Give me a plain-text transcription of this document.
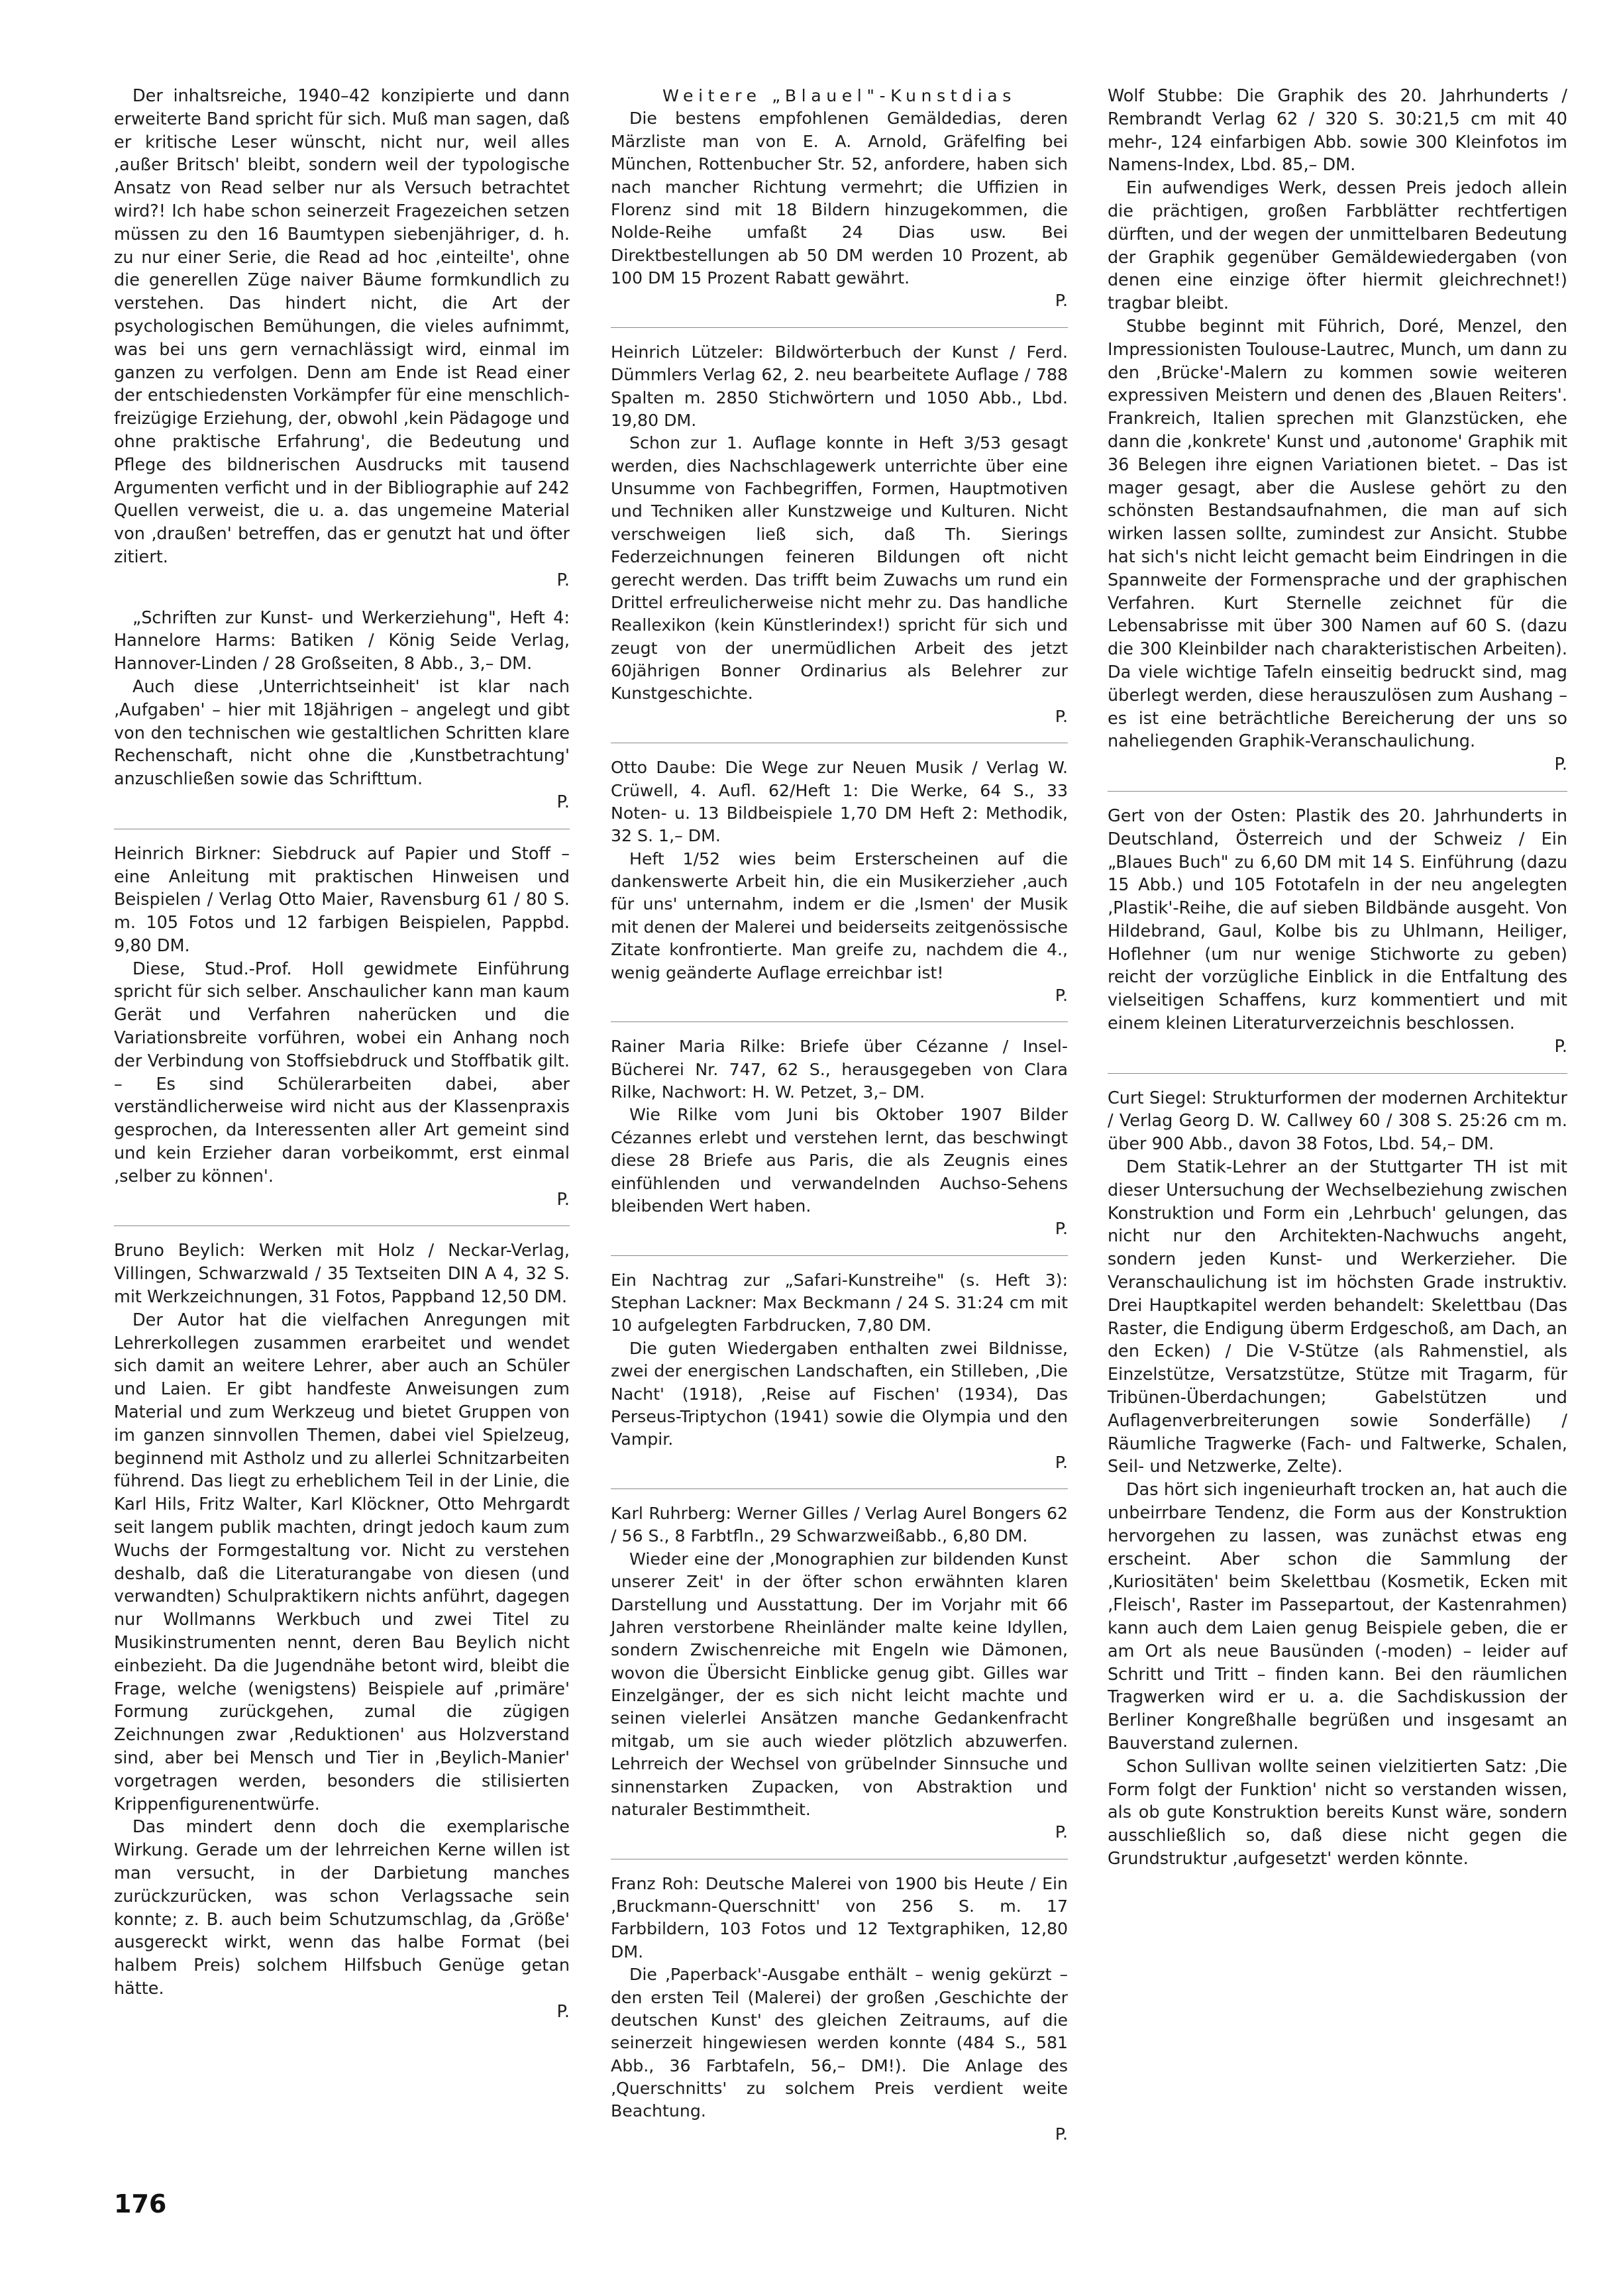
Der inhaltsreiche, 1940–42 konzipierte und dann erweiterte Band spricht für sich. Muß man sagen, daß er kritische Leser wünscht, nicht nur, weil alles ‚außer Britsch' bleibt, sondern weil der typologische Ansatz von Read selber nur als Versuch betrachtet wird?! Ich habe schon seinerzeit Fragezeichen setzen müssen zu den 16 Baumtypen siebenjähriger, d. h. zu nur einer Serie, die Read ad hoc ‚einteilte', ohne die generellen Züge naiver Bäume formkundlich zu verstehen. Das hindert nicht, die Art der psychologischen Bemühungen, die vieles aufnimmt, was bei uns gern vernachlässigt wird, einmal im ganzen zu verfolgen. Denn am Ende ist Read einer der entschiedensten Vorkämpfer für eine menschlich-freizügige Erziehung, der, obwohl ‚kein Pädagoge und ohne praktische Erfahrung', die Bedeutung und Pflege des bildnerischen Ausdrucks mit tausend Argumenten verficht und in der Bibliographie auf 242 Quellen verweist, die u. a. das ungemeine Material von ‚draußen' betreffen, das er genutzt hat und öfter zitiert.

P.

„Schriften zur Kunst- und Werkerziehung", Heft 4: Hannelore Harms: Batiken / König Seide Verlag, Hannover-Linden / 28 Großseiten, 8 Abb., 3,– DM.

Auch diese ‚Unterrichtseinheit' ist klar nach ‚Aufgaben' – hier mit 18jährigen – angelegt und gibt von den technischen wie gestaltlichen Schritten klare Rechenschaft, nicht ohne die ‚Kunstbetrachtung' anzuschließen sowie das Schrifttum.

P.

Heinrich Birkner: Siebdruck auf Papier und Stoff – eine Anleitung mit praktischen Hinweisen und Beispielen / Verlag Otto Maier, Ravensburg 61 / 80 S. m. 105 Fotos und 12 farbigen Beispielen, Pappbd. 9,80 DM.

Diese, Stud.-Prof. Holl gewidmete Einführung spricht für sich selber. Anschaulicher kann man kaum Gerät und Verfahren naherücken und die Variationsbreite vorführen, wobei ein Anhang noch der Verbindung von Stoffsiebdruck und Stoffbatik gilt. – Es sind Schülerarbeiten dabei, aber verständlicherweise wird nicht aus der Klassenpraxis gesprochen, da Interessenten aller Art gemeint sind und kein Erzieher daran vorbeikommt, erst einmal ‚selber zu können'.

P.

Bruno Beylich: Werken mit Holz / Neckar-Verlag, Villingen, Schwarzwald / 35 Textseiten DIN A 4, 32 S. mit Werkzeichnungen, 31 Fotos, Pappband 12,50 DM.

Der Autor hat die vielfachen Anregungen mit Lehrerkollegen zusammen erarbeitet und wendet sich damit an weitere Lehrer, aber auch an Schüler und Laien. Er gibt handfeste Anweisungen zum Material und zum Werkzeug und bietet Gruppen von im ganzen sinnvollen Themen, dabei viel Spielzeug, beginnend mit Astholz und zu allerlei Schnitzarbeiten führend. Das liegt zu erheblichem Teil in der Linie, die Karl Hils, Fritz Walter, Karl Klöckner, Otto Mehrgardt seit langem publik machten, dringt jedoch kaum zum Wuchs der Formgestaltung vor. Nicht zu verstehen deshalb, daß die Literaturangabe von diesen (und verwandten) Schulpraktikern nichts anführt, dagegen nur Wollmanns Werkbuch und zwei Titel zu Musikinstrumenten nennt, deren Bau Beylich nicht einbezieht. Da die Jugendnähe betont wird, bleibt die Frage, welche (wenigstens) Beispiele auf ‚primäre' Formung zurückgehen, zumal die zügigen Zeichnungen zwar ‚Reduktionen' aus Holzverstand sind, aber bei Mensch und Tier in ‚Beylich-Manier' vorgetragen werden, besonders die stilisierten Krippenfigurenentwürfe.

Das mindert denn doch die exemplarische Wirkung. Gerade um der lehrreichen Kerne willen ist man versucht, in der Darbietung manches zurückzurücken, was schon Verlagssache sein konnte; z. B. auch beim Schutzumschlag, da ‚Größe' ausgereckt wirkt, wenn das halbe Format (bei halbem Preis) solchem Hilfsbuch Genüge getan hätte.

P.
Weitere „Blauel"-Kunstdias

Die bestens empfohlenen Gemäldedias, deren Märzliste man von E. A. Arnold, Gräfelfing bei München, Rottenbucher Str. 52, anfordere, haben sich nach mancher Richtung vermehrt; die Uffizien in Florenz sind mit 18 Bildern hinzugekommen, die Nolde-Reihe umfaßt 24 Dias usw. Bei Direktbestellungen ab 50 DM werden 10 Prozent, ab 100 DM 15 Prozent Rabatt gewährt.

P.

Heinrich Lützeler: Bildwörterbuch der Kunst / Ferd. Dümmlers Verlag 62, 2. neu bearbeitete Auflage / 788 Spalten m. 2850 Stichwörtern und 1050 Abb., Lbd. 19,80 DM.

Schon zur 1. Auflage konnte in Heft 3/53 gesagt werden, dies Nachschlagewerk unterrichte über eine Unsumme von Fachbegriffen, Formen, Hauptmotiven und Techniken aller Kunstzweige und Kulturen. Nicht verschweigen ließ sich, daß Th. Sierings Federzeichnungen feineren Bildungen oft nicht gerecht werden. Das trifft beim Zuwachs um rund ein Drittel erfreulicherweise nicht mehr zu. Das handliche Reallexikon (kein Künstlerindex!) spricht für sich und zeugt von der unermüdlichen Arbeit des jetzt 60jährigen Bonner Ordinarius als Belehrer zur Kunstgeschichte.

P.

Otto Daube: Die Wege zur Neuen Musik / Verlag W. Crüwell, 4. Aufl. 62/Heft 1: Die Werke, 64 S., 33 Noten- u. 13 Bildbeispiele 1,70 DM Heft 2: Methodik, 32 S. 1,– DM.

Heft 1/52 wies beim Ersterscheinen auf die dankenswerte Arbeit hin, die ein Musikerzieher ‚auch für uns' unternahm, indem er die ‚Ismen' der Musik mit denen der Malerei und beiderseits zeitgenössische Zitate konfrontierte. Man greife zu, nachdem die 4., wenig geänderte Auflage erreichbar ist!

P.

Rainer Maria Rilke: Briefe über Cézanne / Insel-Bücherei Nr. 747, 62 S., herausgegeben von Clara Rilke, Nachwort: H. W. Petzet, 3,– DM.

Wie Rilke vom Juni bis Oktober 1907 Bilder Cézannes erlebt und verstehen lernt, das beschwingt diese 28 Briefe aus Paris, die als Zeugnis eines einfühlenden und verwandelnden Auchso-Sehens bleibenden Wert haben.

P.

Ein Nachtrag zur „Safari-Kunstreihe" (s. Heft 3): Stephan Lackner: Max Beckmann / 24 S. 31:24 cm mit 10 aufgelegten Farbdrucken, 7,80 DM.

Die guten Wiedergaben enthalten zwei Bildnisse, zwei der energischen Landschaften, ein Stilleben, ‚Die Nacht' (1918), ‚Reise auf Fischen' (1934), Das Perseus-Triptychon (1941) sowie die Olympia und den Vampir.

P.

Karl Ruhrberg: Werner Gilles / Verlag Aurel Bongers 62 / 56 S., 8 Farbtfln., 29 Schwarzweißabb., 6,80 DM.

Wieder eine der ‚Monographien zur bildenden Kunst unserer Zeit' in der öfter schon erwähnten klaren Darstellung und Ausstattung. Der im Vorjahr mit 66 Jahren verstorbene Rheinländer malte keine Idyllen, sondern Zwischenreiche mit Engeln wie Dämonen, wovon die Übersicht Einblicke genug gibt. Gilles war Einzelgänger, der es sich nicht leicht machte und seinen vielerlei Ansätzen manche Gedankenfracht mitgab, um sie auch wieder plötzlich abzuwerfen. Lehrreich der Wechsel von grübelnder Sinnsuche und sinnenstarken Zupacken, von Abstraktion und naturaler Bestimmtheit.

P.

Franz Roh: Deutsche Malerei von 1900 bis Heute / Ein ‚Bruckmann-Querschnitt' von 256 S. m. 17 Farbbildern, 103 Fotos und 12 Textgraphiken, 12,80 DM.

Die ‚Paperback'-Ausgabe enthält – wenig gekürzt – den ersten Teil (Malerei) der großen ‚Geschichte der deutschen Kunst' des gleichen Zeitraums, auf die seinerzeit hingewiesen werden konnte (484 S., 581 Abb., 36 Farbtafeln, 56,– DM!). Die Anlage des ‚Querschnitts' zu solchem Preis verdient weite Beachtung.

P.

Wolf Stubbe: Die Graphik des 20. Jahrhunderts / Rembrandt Verlag 62 / 320 S. 30:21,5 cm mit 40 mehr-, 124 einfarbigen Abb. sowie 300 Kleinfotos im Namens-Index, Lbd. 85,– DM.

Ein aufwendiges Werk, dessen Preis jedoch allein die prächtigen, großen Farbblätter rechtfertigen dürften, und der wegen der unmittelbaren Bedeutung der Graphik gegenüber Gemäldewiedergaben (von denen eine einzige öfter hiermit gleichrechnet!) tragbar bleibt.

Stubbe beginnt mit Führich, Doré, Menzel, den Impressionisten Toulouse-Lautrec, Munch, um dann zu den ‚Brücke'-Malern zu kommen sowie weiteren expressiven Meistern und denen des ‚Blauen Reiters'. Frankreich, Italien sprechen mit Glanzstücken, ehe dann die ‚konkrete' Kunst und ‚autonome' Graphik mit 36 Belegen ihre eignen Variationen bietet. – Das ist mager gesagt, aber die Auslese gehört zu den schönsten Bestandsaufnahmen, die man auf sich wirken lassen sollte, zumindest zur Ansicht. Stubbe hat sich's nicht leicht gemacht beim Eindringen in die Spannweite der Formensprache und der graphischen Verfahren. Kurt Sternelle zeichnet für die Lebensabrisse mit über 300 Namen auf 60 S. (dazu die 300 Kleinbilder nach charakteristischen Arbeiten). Da viele wichtige Tafeln einseitig bedruckt sind, mag überlegt werden, diese herauszulösen zum Aushang – es ist eine beträchtliche Bereicherung der uns so naheliegenden Graphik-Veranschaulichung.

P.

Gert von der Osten: Plastik des 20. Jahrhunderts in Deutschland, Österreich und der Schweiz / Ein „Blaues Buch" zu 6,60 DM mit 14 S. Einführung (dazu 15 Abb.) und 105 Fototafeln in der neu angelegten ‚Plastik'-Reihe, die auf sieben Bildbände ausgeht. Von Hildebrand, Gaul, Kolbe bis zu Uhlmann, Heiliger, Hoflehner (um nur wenige Stichworte zu geben) reicht der vorzügliche Einblick in die Entfaltung des vielseitigen Schaffens, kurz kommentiert und mit einem kleinen Literaturverzeichnis beschlossen.

P.

Curt Siegel: Strukturformen der modernen Architektur / Verlag Georg D. W. Callwey 60 / 308 S. 25:26 cm m. über 900 Abb., davon 38 Fotos, Lbd. 54,– DM.

Dem Statik-Lehrer an der Stuttgarter TH ist mit dieser Untersuchung der Wechselbeziehung zwischen Konstruktion und Form ein ‚Lehrbuch' gelungen, das nicht nur den Architekten-Nachwuchs angeht, sondern jeden Kunst- und Werkerzieher. Die Veranschaulichung ist im höchsten Grade instruktiv. Drei Hauptkapitel werden behandelt: Skelettbau (Das Raster, die Endigung überm Erdgeschoß, am Dach, an den Ecken) / Die V-Stütze (als Rahmenstiel, als Einzelstütze, Versatzstütze, Stütze mit Tragarm, für Tribünen-Überdachungen; Gabelstützen und Auflagenverbreiterungen sowie Sonderfälle) / Räumliche Tragwerke (Fach- und Faltwerke, Schalen, Seil- und Netzwerke, Zelte).

Das hört sich ingenieurhaft trocken an, hat auch die unbeirrbare Tendenz, die Form aus der Konstruktion hervorgehen zu lassen, was zunächst etwas eng erscheint. Aber schon die Sammlung der ‚Kuriositäten' beim Skelettbau (Kosmetik, Ecken mit ‚Fleisch', Raster im Passepartout, der Kastenrahmen) kann auch dem Laien genug Beispiele geben, die er am Ort als neue Bausünden (-moden) – leider auf Schritt und Tritt – finden kann. Bei den räumlichen Tragwerken wird er u. a. die Sachdiskussion der Berliner Kongreßhalle begrüßen und insgesamt an Bauverstand zulernen.

Schon Sullivan wollte seinen vielzitierten Satz: ‚Die Form folgt der Funktion' nicht so verstanden wissen, als ob gute Konstruktion bereits Kunst wäre, sondern ausschließlich so, daß diese nicht gegen die Grundstruktur ‚aufgesetzt' werden könnte.

176
